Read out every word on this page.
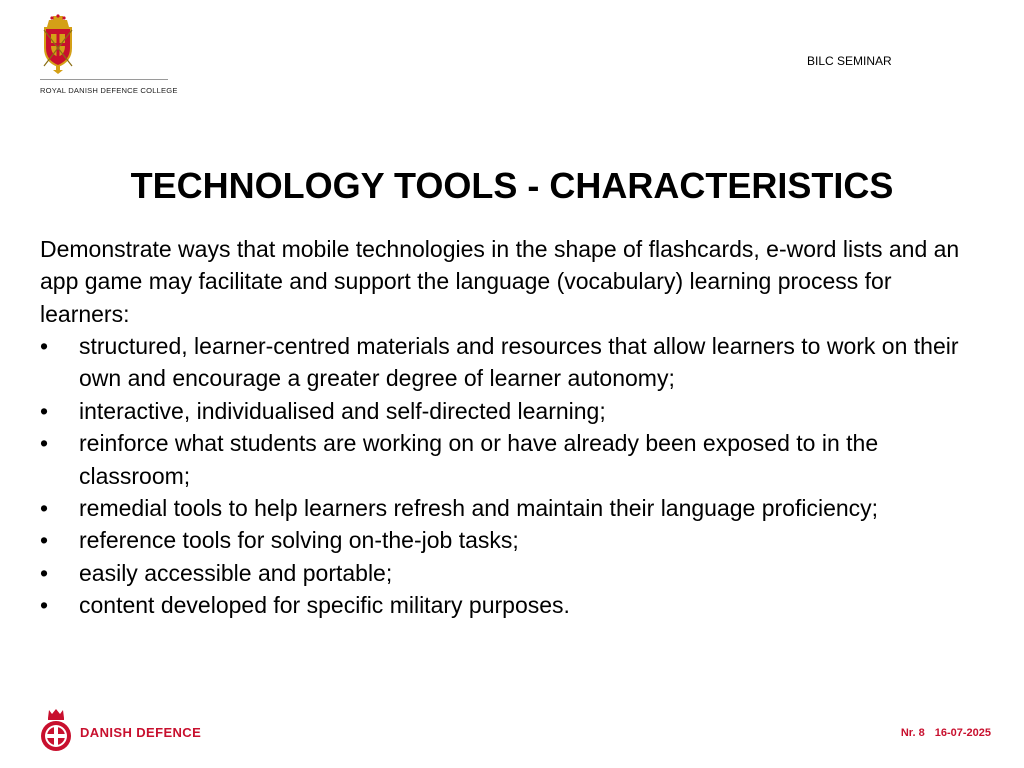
ROYAL DANISH DEFENCE COLLEGE
BILC SEMINAR
TECHNOLOGY TOOLS - CHARACTERISTICS

Demonstrate ways that mobile technologies in the shape of flashcards, e-word lists and an app game may facilitate and support the language (vocabulary) learning process for learners:

• structured, learner-centred materials and resources that allow learners to work on their own and encourage a greater degree of learner autonomy;
• interactive, individualised and self-directed learning;
• reinforce what students are working on or have already been exposed to in the classroom;
• remedial tools to help learners refresh and maintain their language proficiency;
• reference tools for solving on-the-job tasks;
• easily accessible and portable;
• content developed for specific military purposes.
DANISH DEFENCE	Nr. 8 16-07-2025
